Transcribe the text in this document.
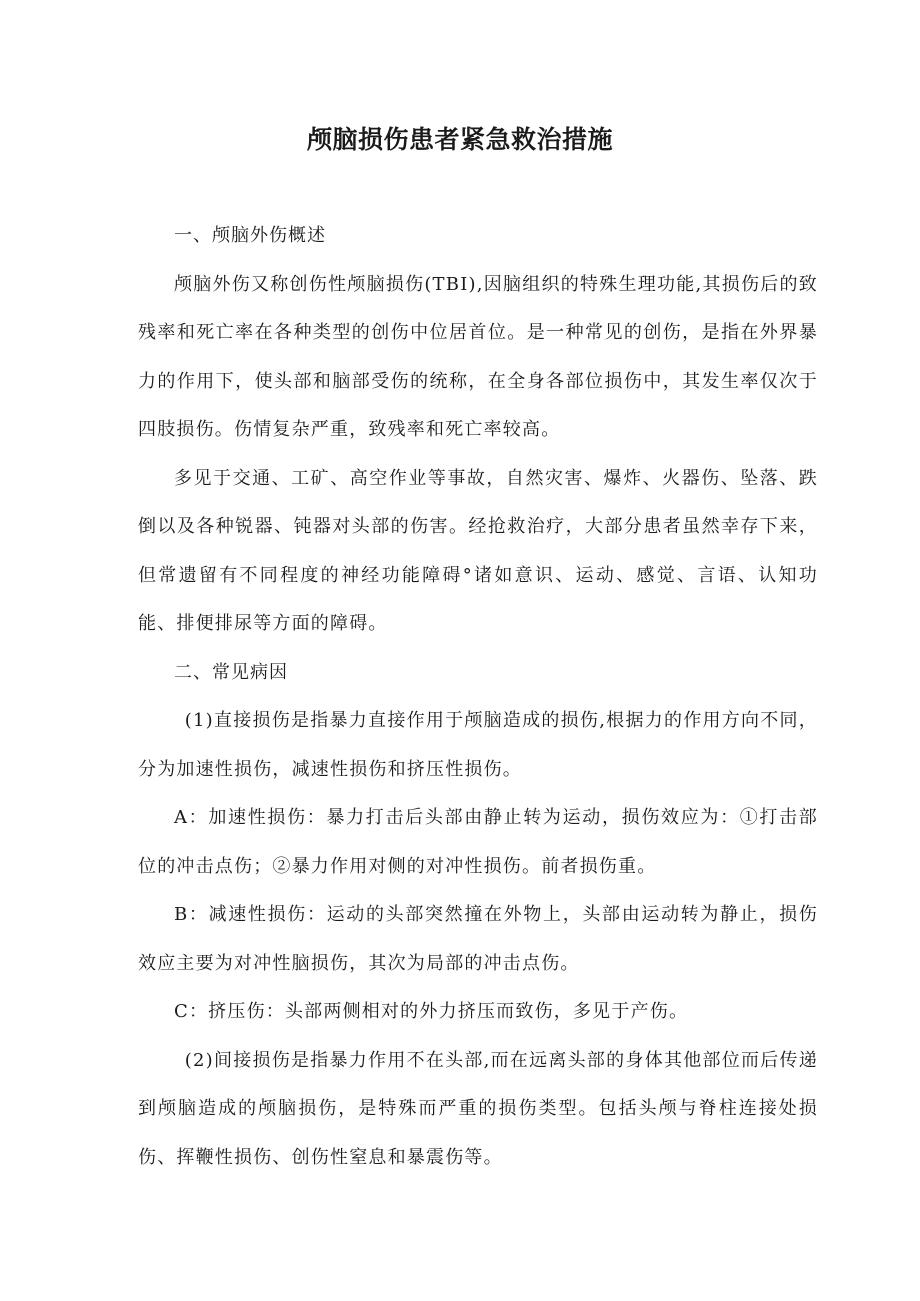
颅脑损伤患者紧急救治措施

一、颅脑外伤概述

颅脑外伤又称创伤性颅脑损伤(TBI),因脑组织的特殊生理功能,其损伤后的致残率和死亡率在各种类型的创伤中位居首位。是一种常见的创伤，是指在外界暴力的作用下，使头部和脑部受伤的统称，在全身各部位损伤中，其发生率仅次于四肢损伤。伤情复杂严重，致残率和死亡率较高。

多见于交通、工矿、高空作业等事故，自然灾害、爆炸、火器伤、坠落、跌倒以及各种锐器、钝器对头部的伤害。经抢救治疗，大部分患者虽然幸存下来，但常遗留有不同程度的神经功能障碍°诸如意识、运动、感觉、言语、认知功能、排便排尿等方面的障碍。

二、常见病因

(1)直接损伤是指暴力直接作用于颅脑造成的损伤,根据力的作用方向不同，分为加速性损伤，减速性损伤和挤压性损伤。

A：加速性损伤：暴力打击后头部由静止转为运动，损伤效应为：①打击部位的冲击点伤；②暴力作用对侧的对冲性损伤。前者损伤重。

B：减速性损伤：运动的头部突然撞在外物上，头部由运动转为静止，损伤效应主要为对冲性脑损伤，其次为局部的冲击点伤。

C：挤压伤：头部两侧相对的外力挤压而致伤，多见于产伤。

(2)间接损伤是指暴力作用不在头部,而在远离头部的身体其他部位而后传递到颅脑造成的颅脑损伤，是特殊而严重的损伤类型。包括头颅与脊柱连接处损伤、挥鞭性损伤、创伤性窒息和暴震伤等。
